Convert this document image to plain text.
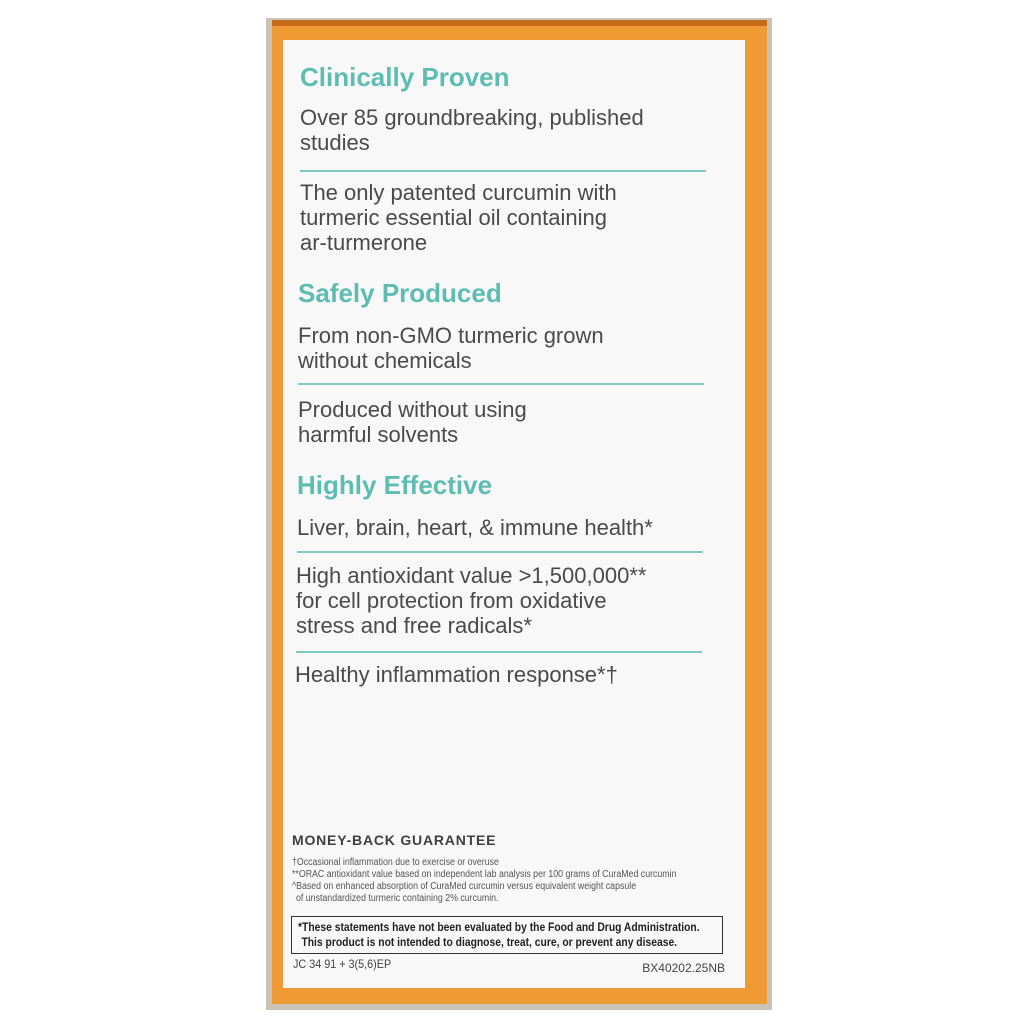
Clinically Proven
Over 85 groundbreaking, published
studies
The only patented curcumin with
turmeric essential oil containing
ar-turmerone
Safely Produced
From non-GMO turmeric grown
without chemicals
Produced without using
harmful solvents
Highly Effective
Liver, brain, heart, & immune health*
High antioxidant value >1,500,000**
for cell protection from oxidative
stress and free radicals*
Healthy inflammation response*†
MONEY-BACK GUARANTEE
†Occasional inflammation due to exercise or overuse
**ORAC antioxidant value based on independent lab analysis per 100 grams of CuraMed curcumin
^Based on enhanced absorption of CuraMed curcumin versus equivalent weight capsule
of unstandardized turmeric containing 2% curcumin.
*These statements have not been evaluated by the Food and Drug Administration.
This product is not intended to diagnose, treat, cure, or prevent any disease.
JC 34 91 + 3(5,6)EP	BX40202.25NB
